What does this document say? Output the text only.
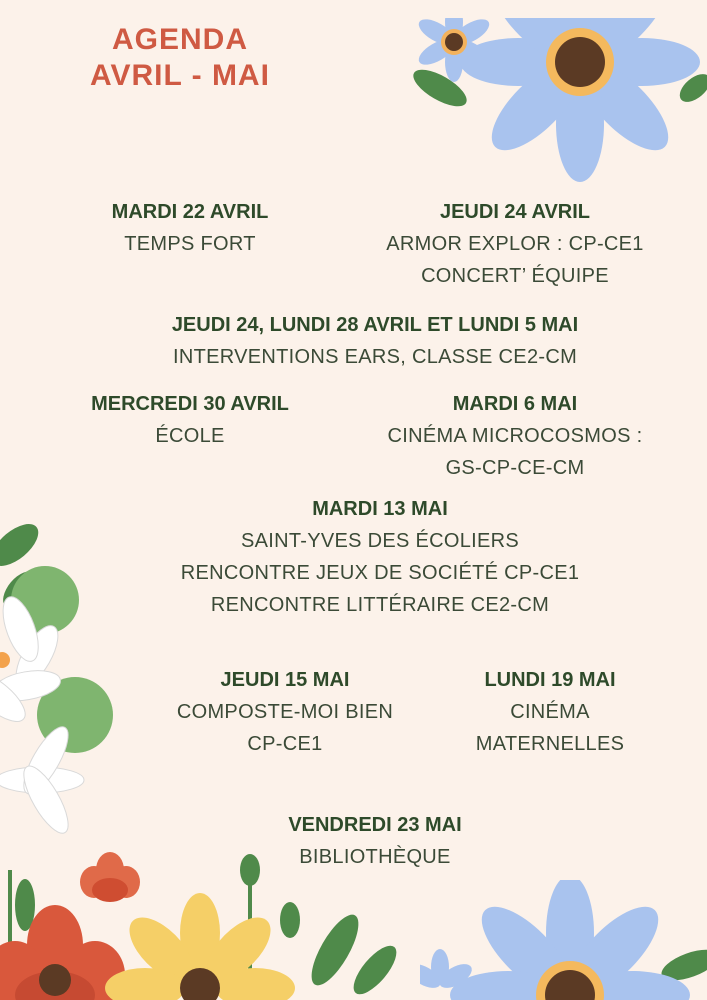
AGENDA
AVRIL - MAI
MARDI 22 AVRIL
TEMPS FORT
JEUDI 24 AVRIL
ARMOR EXPLOR : CP-CE1
CONCERT’ ÉQUIPE
JEUDI 24, LUNDI 28 AVRIL ET LUNDI 5 MAI
INTERVENTIONS EARS, CLASSE CE2-CM
MERCREDI 30 AVRIL
ÉCOLE
MARDI 6 MAI
CINÉMA MICROCOSMOS :
GS-CP-CE-CM
MARDI 13 MAI
SAINT-YVES DES ÉCOLIERS
RENCONTRE JEUX DE SOCIÉTÉ CP-CE1
RENCONTRE LITTÉRAIRE CE2-CM
JEUDI 15 MAI
COMPOSTE-MOI BIEN
CP-CE1
LUNDI 19 MAI
CINÉMA
MATERNELLES
VENDREDI 23 MAI
BIBLIOTHÈQUE
